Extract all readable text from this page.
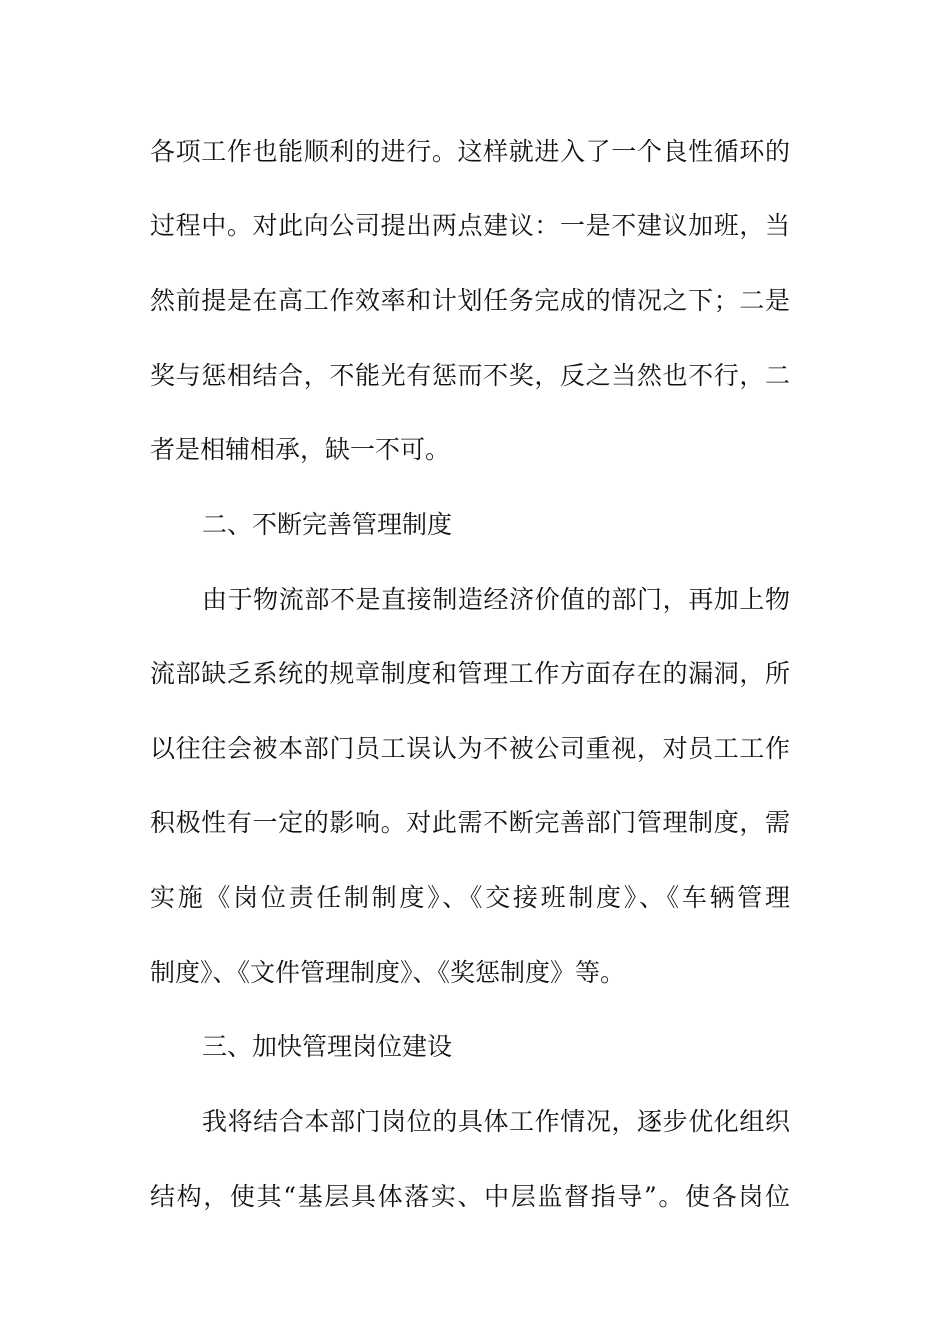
各项工作也能顺利的进行。这样就进入了一个良性循环的
过程中。对此向公司提出两点建议：一是不建议加班，当
然前提是在高工作效率和计划任务完成的情况之下；二是
奖与惩相结合，不能光有惩而不奖，反之当然也不行，二
者是相辅相承，缺一不可。
二、不断完善管理制度
由于物流部不是直接制造经济价值的部门，再加上物
流部缺乏系统的规章制度和管理工作方面存在的漏洞，所
以往往会被本部门员工误认为不被公司重视，对员工工作
积极性有一定的影响。对此需不断完善部门管理制度，需
实施《岗位责任制制度》、《交接班制度》、《车辆管理
制度》、《文件管理制度》、《奖惩制度》等。
三、加快管理岗位建设
我将结合本部门岗位的具体工作情况，逐步优化组织
结构，使其“基层具体落实、中层监督指导”。使各岗位
